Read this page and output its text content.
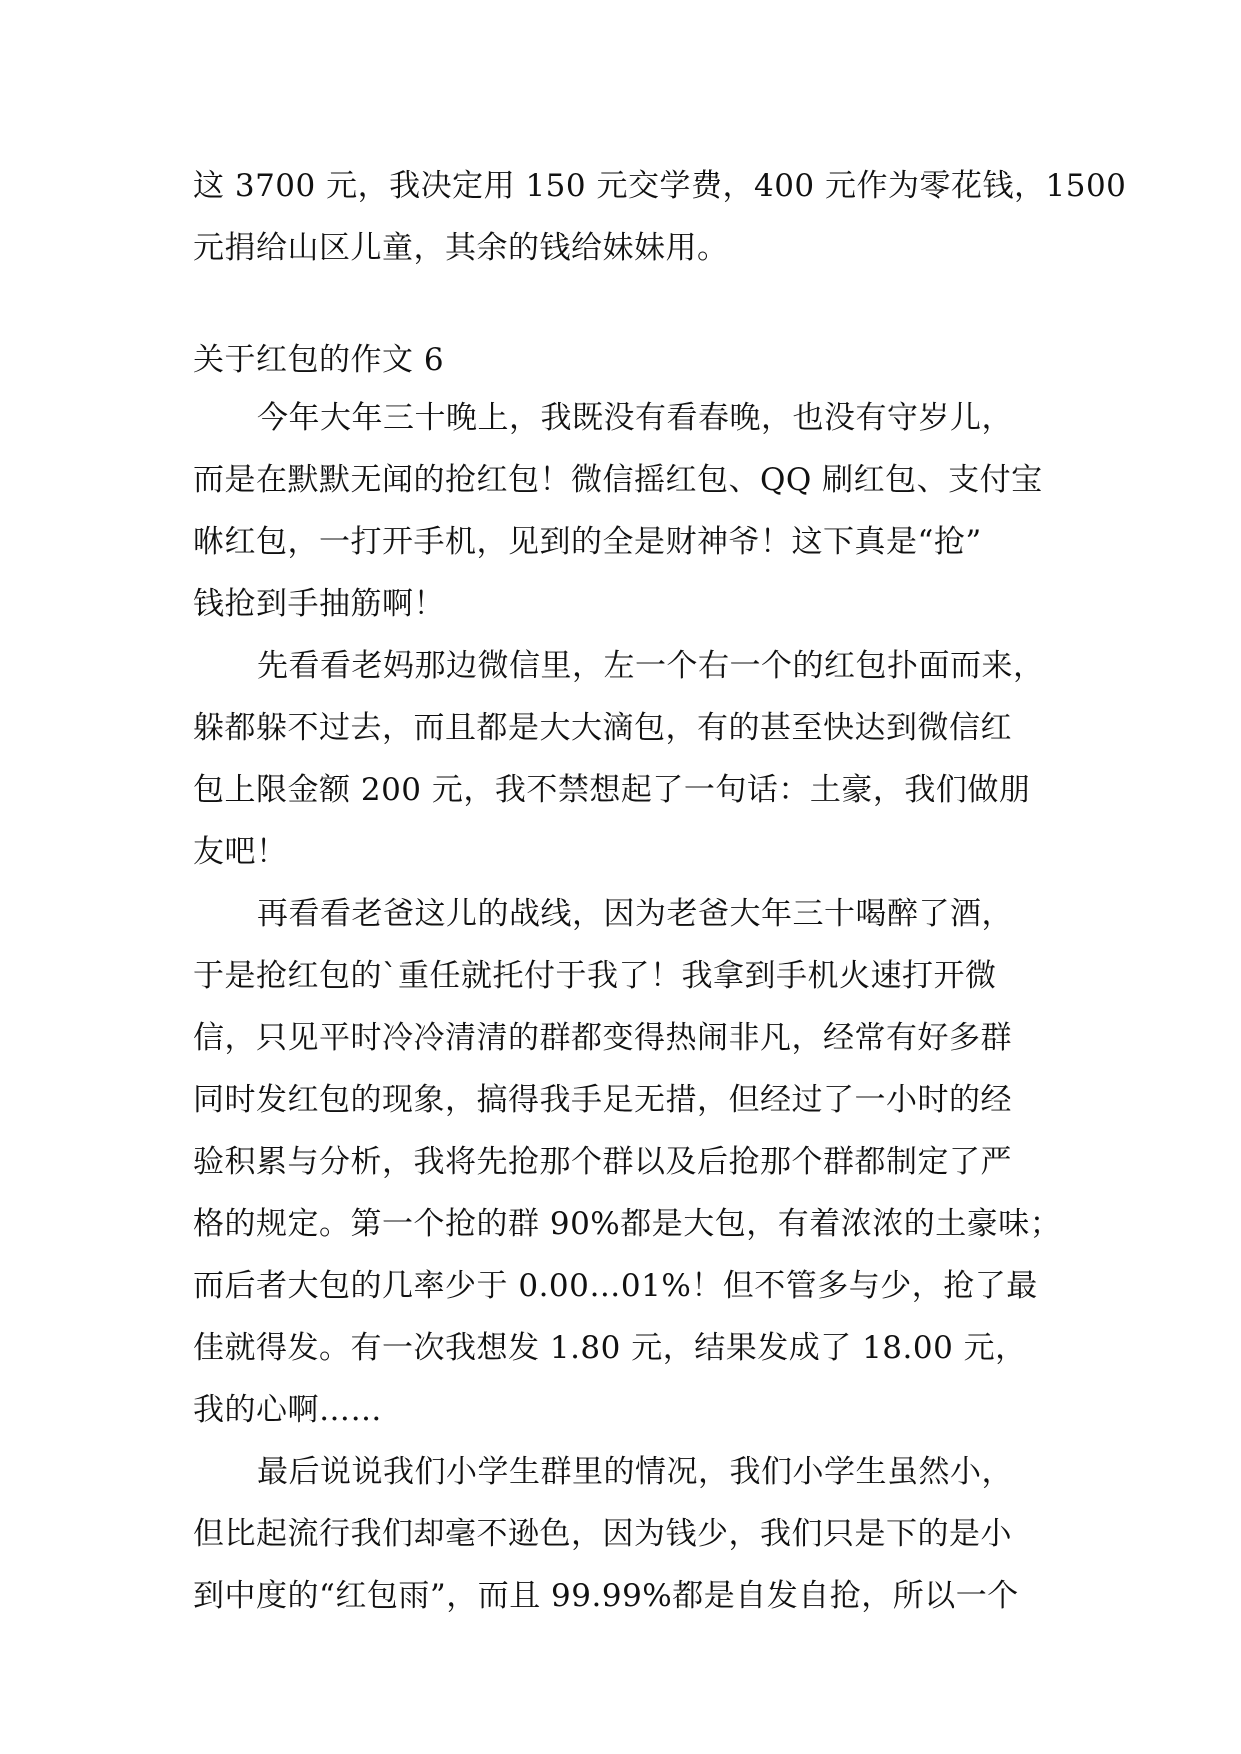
这 3700 元，我决定用 150 元交学费，400 元作为零花钱，1500
元捐给山区儿童，其余的钱给妹妹用。
关于红包的作文 6
今年大年三十晚上，我既没有看春晚，也没有守岁儿，
而是在默默无闻的抢红包！微信摇红包、QQ 刷红包、支付宝
咻红包，一打开手机，见到的全是财神爷！这下真是“抢”
钱抢到手抽筋啊！
先看看老妈那边微信里，左一个右一个的红包扑面而来，
躲都躲不过去，而且都是大大滴包，有的甚至快达到微信红
包上限金额 200 元，我不禁想起了一句话：土豪，我们做朋
友吧！
再看看老爸这儿的战线，因为老爸大年三十喝醉了酒，
于是抢红包的`重任就托付于我了！我拿到手机火速打开微
信，只见平时冷冷清清的群都变得热闹非凡，经常有好多群
同时发红包的现象，搞得我手足无措，但经过了一小时的经
验积累与分析，我将先抢那个群以及后抢那个群都制定了严
格的规定。第一个抢的群 90%都是大包，有着浓浓的土豪味；
而后者大包的几率少于 0.00…01%！但不管多与少，抢了最
佳就得发。有一次我想发 1.80 元，结果发成了 18.00 元，
我的心啊……
最后说说我们小学生群里的情况，我们小学生虽然小，
但比起流行我们却毫不逊色，因为钱少，我们只是下的是小
到中度的“红包雨”，而且 99.99%都是自发自抢，所以一个
